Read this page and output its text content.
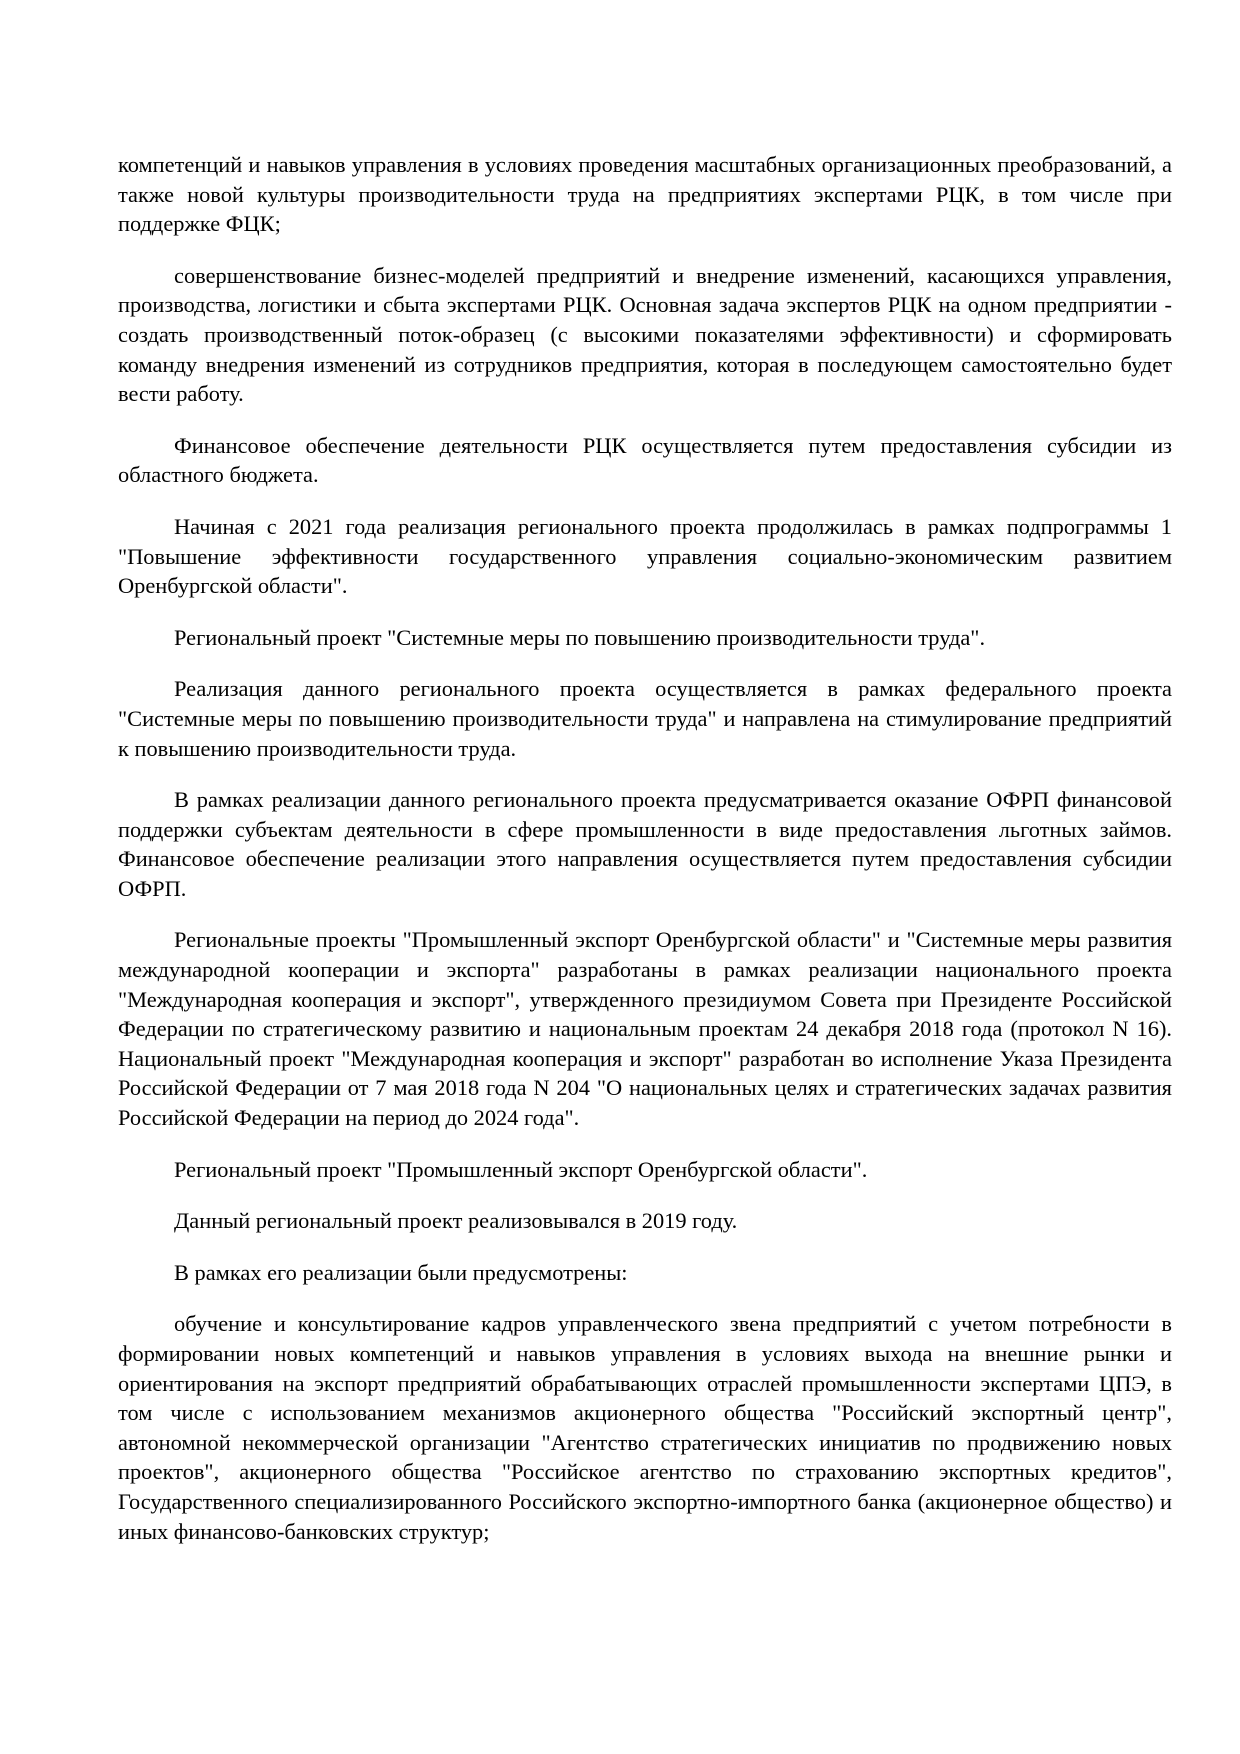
компетенций и навыков управления в условиях проведения масштабных организационных преобразований, а также новой культуры производительности труда на предприятиях экспертами РЦК, в том числе при поддержке ФЦК;

совершенствование бизнес-моделей предприятий и внедрение изменений, касающихся управления, производства, логистики и сбыта экспертами РЦК. Основная задача экспертов РЦК на одном предприятии - создать производственный поток-образец (с высокими показателями эффективности) и сформировать команду внедрения изменений из сотрудников предприятия, которая в последующем самостоятельно будет вести работу.

Финансовое обеспечение деятельности РЦК осуществляется путем предоставления субсидии из областного бюджета.

Начиная с 2021 года реализация регионального проекта продолжилась в рамках подпрограммы 1 "Повышение эффективности государственного управления социально-экономическим развитием Оренбургской области".

Региональный проект "Системные меры по повышению производительности труда".

Реализация данного регионального проекта осуществляется в рамках федерального проекта "Системные меры по повышению производительности труда" и направлена на стимулирование предприятий к повышению производительности труда.

В рамках реализации данного регионального проекта предусматривается оказание ОФРП финансовой поддержки субъектам деятельности в сфере промышленности в виде предоставления льготных займов. Финансовое обеспечение реализации этого направления осуществляется путем предоставления субсидии ОФРП.

Региональные проекты "Промышленный экспорт Оренбургской области" и "Системные меры развития международной кооперации и экспорта" разработаны в рамках реализации национального проекта "Международная кооперация и экспорт", утвержденного президиумом Совета при Президенте Российской Федерации по стратегическому развитию и национальным проектам 24 декабря 2018 года (протокол N 16). Национальный проект "Международная кооперация и экспорт" разработан во исполнение Указа Президента Российской Федерации от 7 мая 2018 года N 204 "О национальных целях и стратегических задачах развития Российской Федерации на период до 2024 года".

Региональный проект "Промышленный экспорт Оренбургской области".

Данный региональный проект реализовывался в 2019 году.

В рамках его реализации были предусмотрены:

обучение и консультирование кадров управленческого звена предприятий с учетом потребности в формировании новых компетенций и навыков управления в условиях выхода на внешние рынки и ориентирования на экспорт предприятий обрабатывающих отраслей промышленности экспертами ЦПЭ, в том числе с использованием механизмов акционерного общества "Российский экспортный центр", автономной некоммерческой организации "Агентство стратегических инициатив по продвижению новых проектов", акционерного общества "Российское агентство по страхованию экспортных кредитов", Государственного специализированного Российского экспортно-импортного банка (акционерное общество) и иных финансово-банковских структур;
